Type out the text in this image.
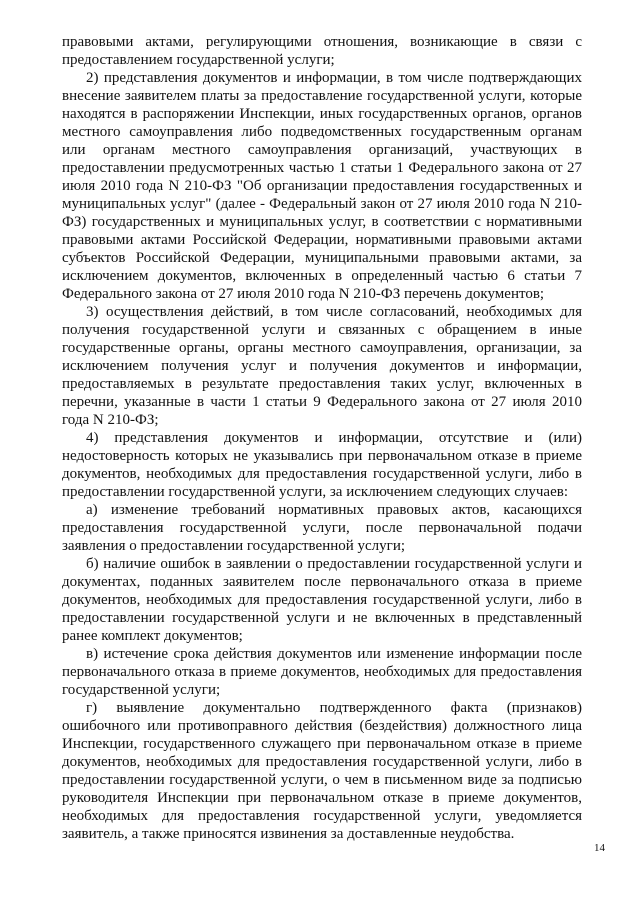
правовыми актами, регулирующими отношения, возникающие в связи с предоставлением государственной услуги;

2) представления документов и информации, в том числе подтверждающих внесение заявителем платы за предоставление государственной услуги, которые находятся в распоряжении Инспекции, иных государственных органов, органов местного самоуправления либо подведомственных государственным органам или органам местного самоуправления организаций, участвующих в предоставлении предусмотренных частью 1 статьи 1 Федерального закона от 27 июля 2010 года N 210-ФЗ "Об организации предоставления государственных и муниципальных услуг" (далее - Федеральный закон от 27 июля 2010 года N 210-ФЗ) государственных и муниципальных услуг, в соответствии с нормативными правовыми актами Российской Федерации, нормативными правовыми актами субъектов Российской Федерации, муниципальными правовыми актами, за исключением документов, включенных в определенный частью 6 статьи 7 Федерального закона от 27 июля 2010 года N 210-ФЗ перечень документов;

3) осуществления действий, в том числе согласований, необходимых для получения государственной услуги и связанных с обращением в иные государственные органы, органы местного самоуправления, организации, за исключением получения услуг и получения документов и информации, предоставляемых в результате предоставления таких услуг, включенных в перечни, указанные в части 1 статьи 9 Федерального закона от 27 июля 2010 года N 210-ФЗ;

4) представления документов и информации, отсутствие и (или) недостоверность которых не указывались при первоначальном отказе в приеме документов, необходимых для предоставления государственной услуги, либо в предоставлении государственной услуги, за исключением следующих случаев:

а) изменение требований нормативных правовых актов, касающихся предоставления государственной услуги, после первоначальной подачи заявления о предоставлении государственной услуги;

б) наличие ошибок в заявлении о предоставлении государственной услуги и документах, поданных заявителем после первоначального отказа в приеме документов, необходимых для предоставления государственной услуги, либо в предоставлении государственной услуги и не включенных в представленный ранее комплект документов;

в) истечение срока действия документов или изменение информации после первоначального отказа в приеме документов, необходимых для предоставления государственной услуги;

г) выявление документально подтвержденного факта (признаков) ошибочного или противоправного действия (бездействия) должностного лица Инспекции, государственного служащего при первоначальном отказе в приеме документов, необходимых для предоставления государственной услуги, либо в предоставлении государственной услуги, о чем в письменном виде за подписью руководителя Инспекции при первоначальном отказе в приеме документов, необходимых для предоставления государственной услуги, уведомляется заявитель, а также приносятся извинения за доставленные неудобства.

14
